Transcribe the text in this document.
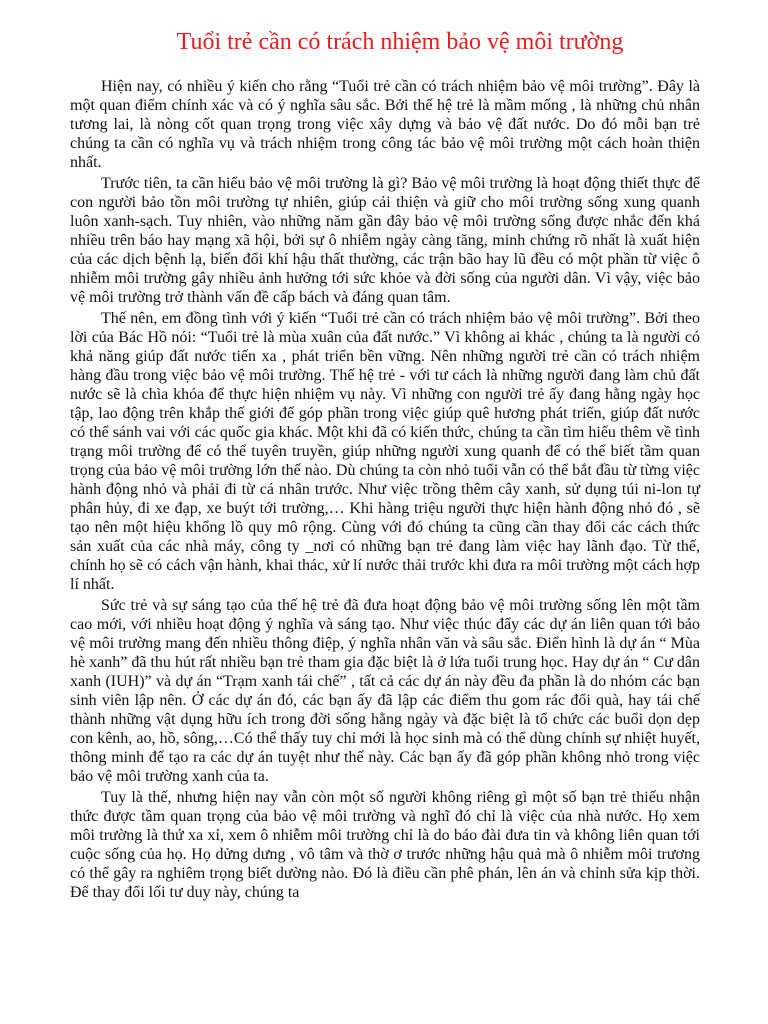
Tuổi trẻ cần có trách nhiệm bảo vệ môi trường

Hiện nay, có nhiều ý kiến cho rằng “Tuổi trẻ cần có trách nhiệm bảo vệ môi trường”. Đây là một quan điểm chính xác và có ý nghĩa sâu sắc. Bởi thế hệ trẻ là mầm mống , là những chủ nhân tương lai, là nòng cốt quan trọng trong việc xây dựng và bảo vệ đất nước. Do đó mỗi bạn trẻ chúng ta cần có nghĩa vụ và trách nhiệm trong công tác bảo vệ môi trường một cách hoàn thiện nhất.

Trước tiên, ta cần hiểu bảo vệ môi trường là gì? Bảo vệ môi trường là hoạt động thiết thực để con người bảo tồn môi trường tự nhiên, giúp cải thiện và giữ cho môi trường sống xung quanh luôn xanh-sạch. Tuy nhiên, vào những năm gần đây bảo vệ môi trường sống được nhắc đến khá nhiều trên báo hay mạng xã hội, bởi sự ô nhiễm ngày càng tăng, minh chứng rõ nhất là xuất hiện của các dịch bệnh lạ, biến đổi khí hậu thất thường, các trận bão hay lũ đều có một phần từ việc ô nhiễm môi trường gây nhiều ảnh hưởng tới sức khỏe và đời sống của người dân. Vì vậy, việc bảo vệ môi trường trở thành vấn đề cấp bách và đáng quan tâm.

Thế nên, em đồng tình với ý kiến “Tuổi trẻ cần có trách nhiệm bảo vệ môi trường”. Bởi theo lời của Bác Hồ nói: “Tuổi trẻ là mùa xuân của đất nước.” Vì không ai khác , chúng ta là người có khả năng giúp đất nước tiến xa , phát triển bền vững. Nên những người trẻ cần có trách nhiệm hàng đầu trong việc bảo vệ môi trường. Thế hệ trẻ - với tư cách là những người đang làm chủ đất nước sẽ là chìa khóa để thực hiện nhiệm vụ này. Vì những con người trẻ ấy đang hằng ngày học tập, lao động trên khắp thế giới để góp phần trong việc giúp quê hương phát triển, giúp đất nước có thể sánh vai với các quốc gia khác. Một khi đã có kiến thức, chúng ta cần tìm hiểu thêm về tình trạng môi trường để có thể tuyên truyền, giúp những người xung quanh để có thể biết tầm quan trọng của bảo vệ môi trường lớn thế nào. Dù chúng ta còn nhỏ tuổi vẫn có thể bắt đầu từ từng việc hành động nhỏ và phải đi từ cá nhân trước. Như việc trồng thêm cây xanh, sử dụng túi ni-lon tự phân hủy, đi xe đạp, xe buýt tới trường,… Khi hàng triệu người thực hiện hành động nhỏ đó , sẽ tạo nên một hiệu khổng lồ quy mô rộng. Cùng với đó chúng ta cũng cần thay đổi các cách thức sản xuất của các nhà máy, công ty _nơi có những bạn trẻ đang làm việc hay lãnh đạo. Từ thế, chính họ sẽ có cách vận hành, khai thác, xử lí nước thải trước khi đưa ra môi trường một cách hợp lí nhất.

Sức trẻ và sự sáng tạo của thế hệ trẻ đã đưa hoạt động bảo vệ môi trường sống lên một tầm cao mới, với nhiều hoạt động ý nghĩa và sáng tạo. Như việc thúc đẩy các dự án liên quan tới bảo vệ môi trường mang đến nhiều thông điệp, ý nghĩa nhân văn và sâu sắc. Điển hình là dự án “ Mùa hè xanh” đã thu hút rất nhiều bạn trẻ tham gia đặc biệt là ở lứa tuổi trung học. Hay dự án “ Cư dân xanh (IUH)” và dự án “Trạm xanh tái chế” , tất cả các dự án này đều đa phần là do nhóm các bạn sinh viên lập nên. Ở các dự án đó, các bạn ấy đã lập các điểm thu gom rác đổi quà, hay tái chế thành những vật dụng hữu ích trong đời sống hằng ngày và đặc biệt là tổ chức các buổi dọn dẹp con kênh, ao, hồ, sông,…Có thể thấy tuy chỉ mới là học sinh mà có thể dùng chính sự nhiệt huyết, thông minh để tạo ra các dự án tuyệt như thế này. Các bạn ấy đã góp phần không nhỏ trong việc bảo vệ môi trường xanh của ta.

Tuy là thế, nhưng hiện nay vẫn còn một số người không riêng gì một số bạn trẻ thiếu nhận thức được tầm quan trọng của bảo vệ môi trường và nghĩ đó chỉ là việc của nhà nước. Họ xem môi trường là thứ xa xỉ, xem ô nhiễm môi trường chỉ là do báo đài đưa tin và không liên quan tới cuộc sống của họ. Họ dửng dưng , vô tâm và thờ ơ trước những hậu quả mà ô nhiễm môi trương có thể gây ra nghiêm trọng biết dường nào. Đó là điều cần phê phán, lên án và chỉnh sửa kịp thời. Để thay đổi lối tư duy này, chúng ta
